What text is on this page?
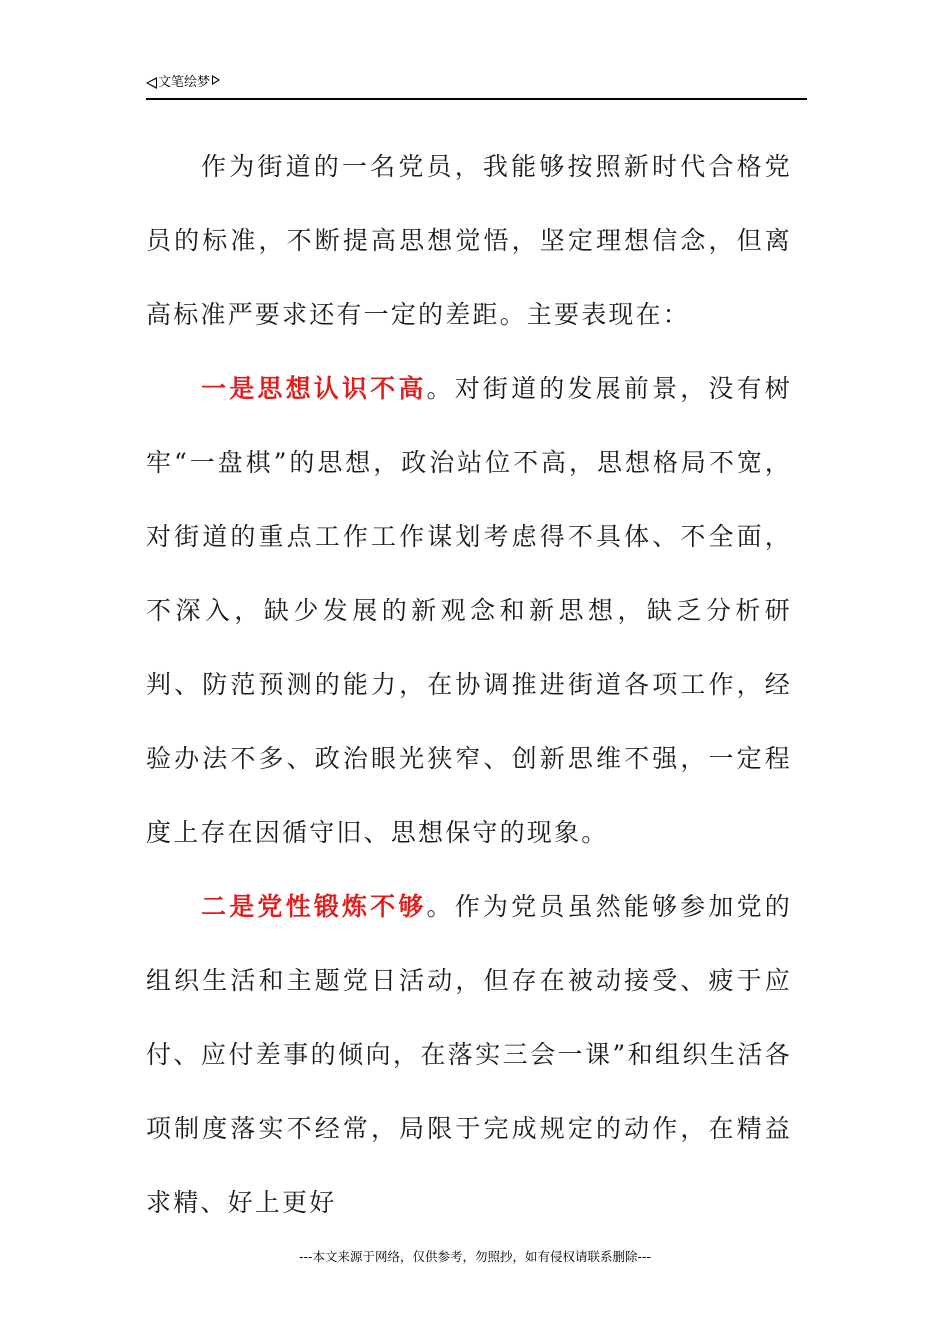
文笔绘梦

作为街道的一名党员，我能够按照新时代合格党员的标准，不断提高思想觉悟，坚定理想信念，但离高标准严要求还有一定的差距。主要表现在：

一是思想认识不高。对街道的发展前景，没有树牢“一盘棋”的思想，政治站位不高，思想格局不宽，对街道的重点工作工作谋划考虑得不具体、不全面，不深入，缺少发展的新观念和新思想，缺乏分析研判、防范预测的能力，在协调推进街道各项工作，经验办法不多、政治眼光狭窄、创新思维不强，一定程度上存在因循守旧、思想保守的现象。

二是党性锻炼不够。作为党员虽然能够参加党的组织生活和主题党日活动，但存在被动接受、疲于应付、应付差事的倾向，在落实三会一课”和组织生活各项制度落实不经常，局限于完成规定的动作，在精益求精、好上更好

---本文来源于网络，仅供参考，勿照抄，如有侵权请联系删除---
